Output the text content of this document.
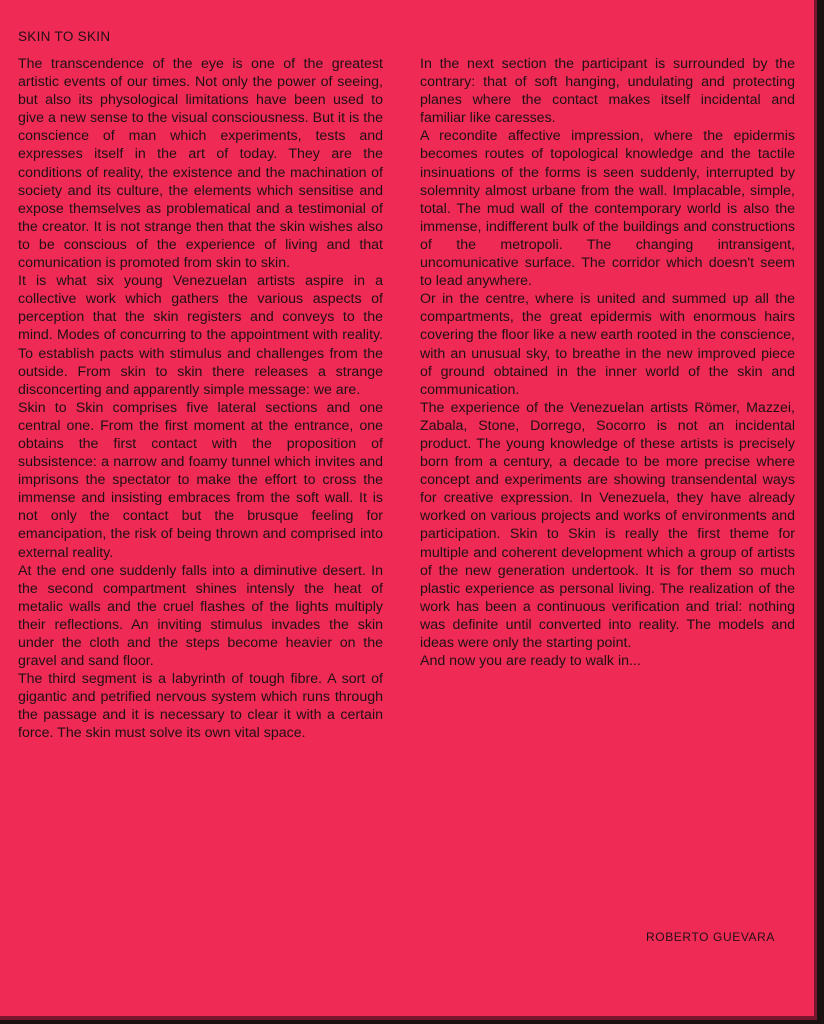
SKIN TO SKIN

The transcendence of the eye is one of the greatest artistic events of our times. Not only the power of seeing, but also its physological limitations have been used to give a new sense to the visual consciousness. But it is the conscience of man which experiments, tests and expresses itself in the art of today. They are the conditions of reality, the existence and the machination of society and its culture, the elements which sensitise and expose themselves as problematical and a testimonial of the creator. It is not strange then that the skin wishes also to be conscious of the experience of living and that comunication is promoted from skin to skin.

It is what six young Venezuelan artists aspire in a collective work which gathers the various aspects of perception that the skin registers and conveys to the mind. Modes of concurring to the appointment with reality. To establish pacts with stimulus and challenges from the outside. From skin to skin there releases a strange disconcerting and apparently simple message: we are.

Skin to Skin comprises five lateral sections and one central one. From the first moment at the entrance, one obtains the first contact with the proposition of subsistence: a narrow and foamy tunnel which invites and imprisons the spectator to make the effort to cross the immense and insisting embraces from the soft wall. It is not only the contact but the brusque feeling for emancipation, the risk of being thrown and comprised into external reality.

At the end one suddenly falls into a diminutive desert. In the second compartment shines intensly the heat of metalic walls and the cruel flashes of the lights multiply their reflections. An inviting stimulus invades the skin under the cloth and the steps become heavier on the gravel and sand floor.

The third segment is a labyrinth of tough fibre. A sort of gigantic and petrified nervous system which runs through the passage and it is necessary to clear it with a certain force. The skin must solve its own vital space.

In the next section the participant is surrounded by the contrary: that of soft hanging, undulating and protecting planes where the contact makes itself incidental and familiar like caresses.

A recondite affective impression, where the epidermis becomes routes of topological knowledge and the tactile insinuations of the forms is seen suddenly, interrupted by solemnity almost urbane from the wall. Implacable, simple, total. The mud wall of the contemporary world is also the immense, indifferent bulk of the buildings and constructions of the metropoli. The changing intransigent, uncomunicative surface. The corridor which doesn't seem to lead anywhere.

Or in the centre, where is united and summed up all the compartments, the great epidermis with enormous hairs covering the floor like a new earth rooted in the conscience, with an unusual sky, to breathe in the new improved piece of ground obtained in the inner world of the skin and communication.

The experience of the Venezuelan artists Römer, Mazzei, Zabala, Stone, Dorrego, Socorro is not an incidental product. The young knowledge of these artists is precisely born from a century, a decade to be more precise where concept and experiments are showing transendental ways for creative expression. In Venezuela, they have already worked on various projects and works of environments and participation. Skin to Skin is really the first theme for multiple and coherent development which a group of artists of the new generation undertook. It is for them so much plastic experience as personal living. The realization of the work has been a continuous verification and trial: nothing was definite until converted into reality. The models and ideas were only the starting point.

And now you are ready to walk in...

ROBERTO GUEVARA
